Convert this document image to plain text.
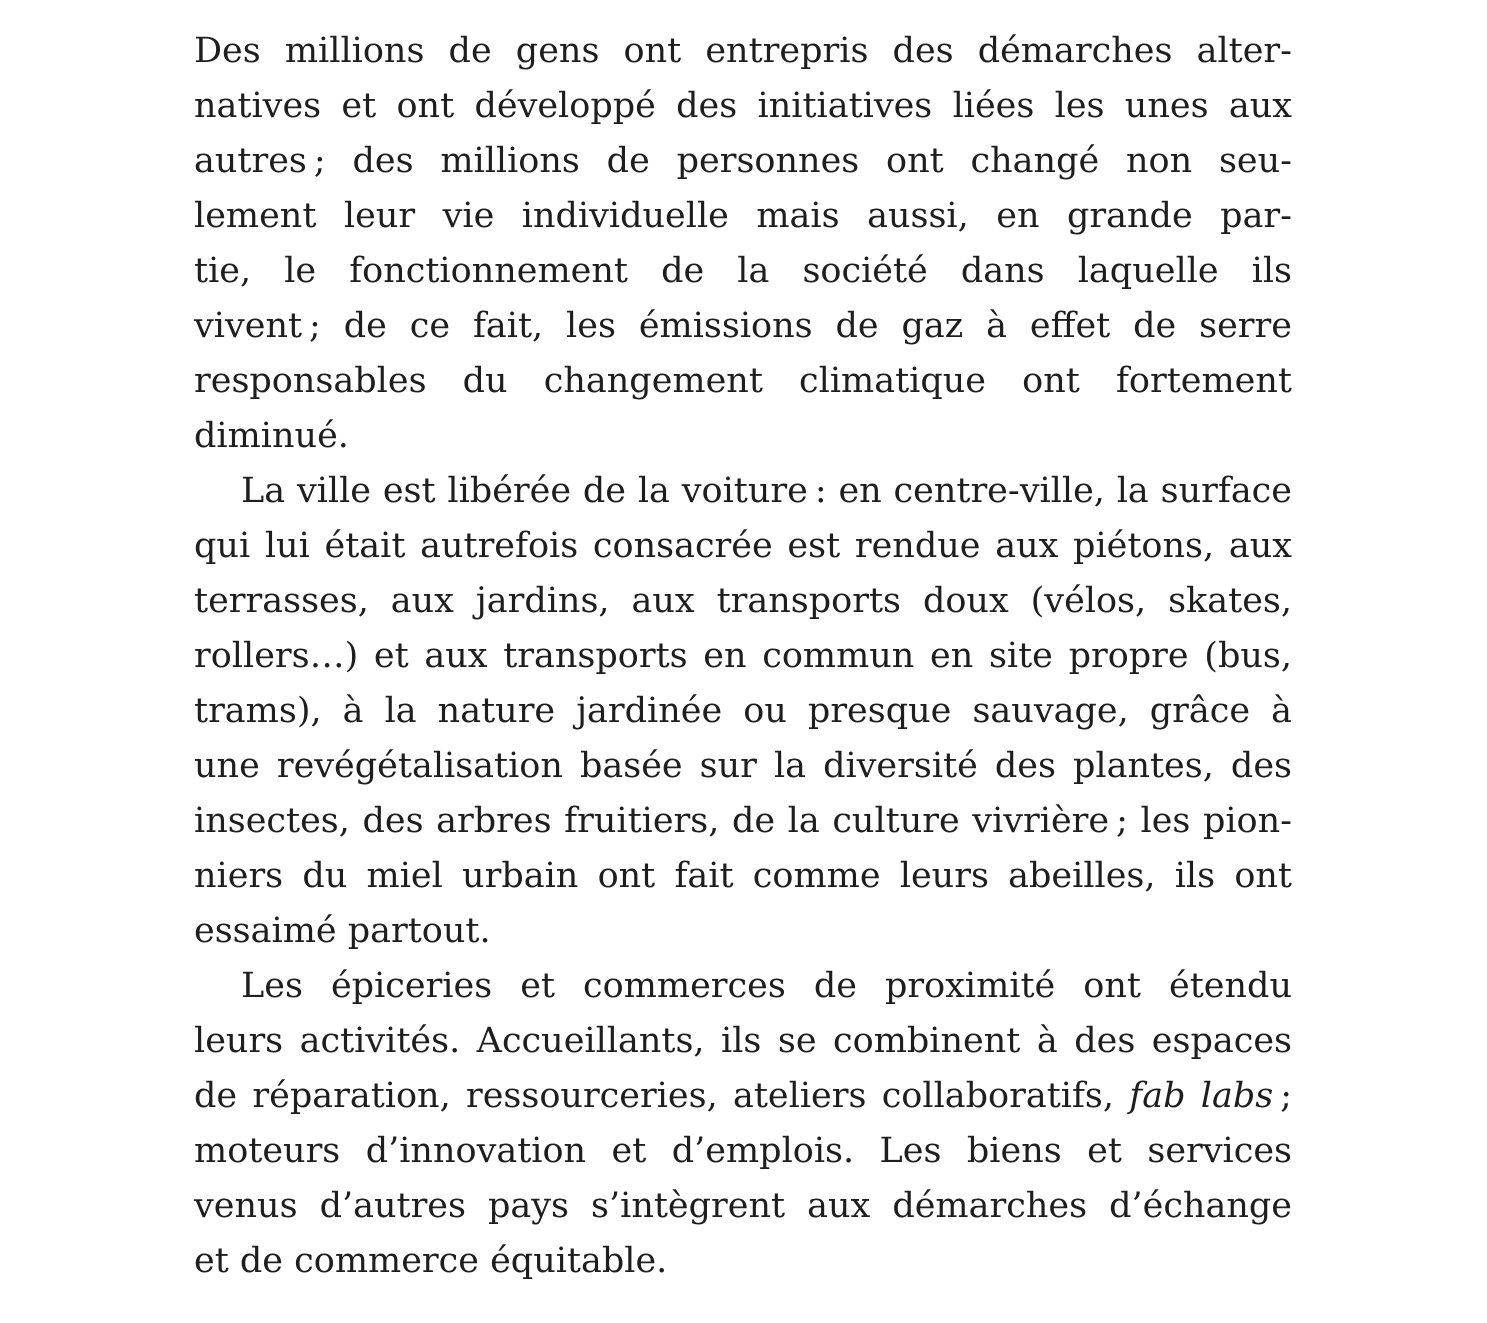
Des millions de gens ont entrepris des démarches alter-
natives et ont développé des initiatives liées les unes aux
autres ; des millions de personnes ont changé non seu-
lement leur vie individuelle mais aussi, en grande par-
tie, le fonctionnement de la société dans laquelle ils
vivent ; de ce fait, les émissions de gaz à effet de serre
responsables du changement climatique ont fortement
diminué.

La ville est libérée de la voiture : en centre-ville, la surface
qui lui était autrefois consacrée est rendue aux piétons, aux
terrasses, aux jardins, aux transports doux (vélos, skates,
rollers…) et aux transports en commun en site propre (bus,
trams), à la nature jardinée ou presque sauvage, grâce à
une revégétalisation basée sur la diversité des plantes, des
insectes, des arbres fruitiers, de la culture vivrière ; les pion-
niers du miel urbain ont fait comme leurs abeilles, ils ont
essaimé partout.

Les épiceries et commerces de proximité ont étendu
leurs activités. Accueillants, ils se combinent à des espaces
de réparation, ressourceries, ateliers collaboratifs, fab labs ;
moteurs d’innovation et d’emplois. Les biens et services
venus d’autres pays s’intègrent aux démarches d’échange
et de commerce équitable.
